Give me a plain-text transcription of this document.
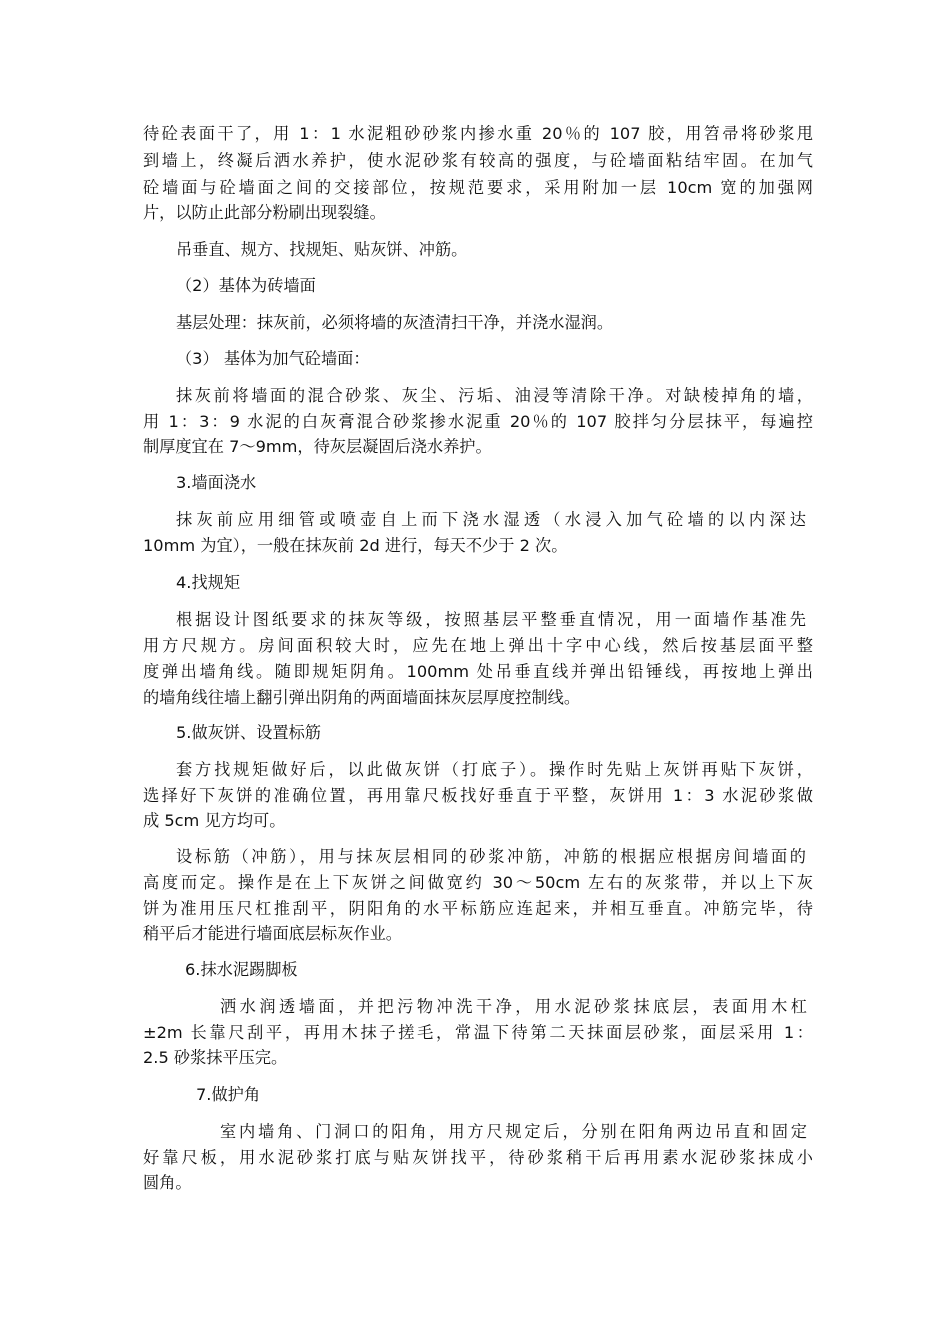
待砼表面干了，用 1：1 水泥粗砂砂浆内掺水重 20％的 107 胶，用笤帚将砂浆甩
到墙上，终凝后洒水养护，使水泥砂浆有较高的强度，与砼墙面粘结牢固。在加气
砼墙面与砼墙面之间的交接部位，按规范要求，采用附加一层 10cm 宽的加强网
片，以防止此部分粉刷出现裂缝。
吊垂直、规方、找规矩、贴灰饼、冲筋。
（2）基体为砖墙面
基层处理：抹灰前，必须将墙的灰渣清扫干净，并浇水湿润。
（3） 基体为加气砼墙面：
抹灰前将墙面的混合砂浆、灰尘、污垢、油浸等清除干净。对缺棱掉角的墙，
用 1：3：9 水泥的白灰膏混合砂浆掺水泥重 20％的 107 胶拌匀分层抹平，每遍控
制厚度宜在 7～9mm，待灰层凝固后浇水养护。
3.墙面浇水
抹灰前应用细管或喷壶自上而下浇水湿透（水浸入加气砼墙的以内深达
10mm 为宜），一般在抹灰前 2d 进行，每天不少于 2 次。
4.找规矩
根据设计图纸要求的抹灰等级，按照基层平整垂直情况，用一面墙作基准先
用方尺规方。房间面积较大时，应先在地上弹出十字中心线，然后按基层面平整
度弹出墙角线。随即规矩阴角。100mm 处吊垂直线并弹出铅锤线，再按地上弹出
的墙角线往墙上翻引弹出阴角的两面墙面抹灰层厚度控制线。
5.做灰饼、设置标筋
套方找规矩做好后，以此做灰饼（打底子）。操作时先贴上灰饼再贴下灰饼，
选择好下灰饼的准确位置，再用靠尺板找好垂直于平整，灰饼用 1：3 水泥砂浆做
成 5cm 见方均可。
设标筋（冲筋），用与抹灰层相同的砂浆冲筋，冲筋的根据应根据房间墙面的
高度而定。操作是在上下灰饼之间做宽约 30～50cm 左右的灰浆带，并以上下灰
饼为准用压尺杠推刮平，阴阳角的水平标筋应连起来，并相互垂直。冲筋完毕，待
稍平后才能进行墙面底层标灰作业。
6.抹水泥踢脚板
洒水润透墙面，并把污物冲洗干净，用水泥砂浆抹底层，表面用木杠
±2m 长靠尺刮平，再用木抹子搓毛，常温下待第二天抹面层砂浆，面层采用 1：
2.5 砂浆抹平压完。
7.做护角
室内墙角、门洞口的阳角，用方尺规定后，分别在阳角两边吊直和固定
好靠尺板，用水泥砂浆打底与贴灰饼找平，待砂浆稍干后再用素水泥砂浆抹成小
圆角。
